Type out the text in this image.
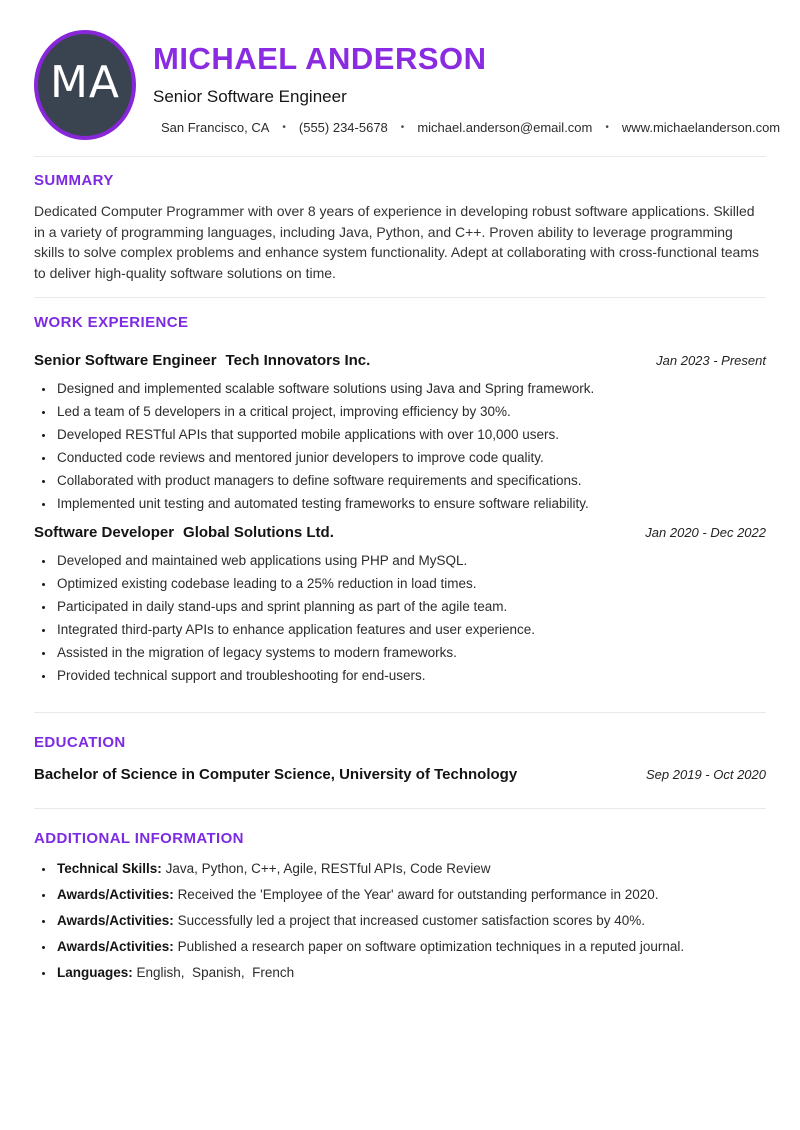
MA MICHAEL ANDERSON
Senior Software Engineer
San Francisco, CA • (555) 234-5678 • michael.anderson@email.com • www.michaelanderson.com
SUMMARY

Dedicated Computer Programmer with over 8 years of experience in developing robust software applications. Skilled in a variety of programming languages, including Java, Python, and C++. Proven ability to leverage programming skills to solve complex problems and enhance system functionality. Adept at collaborating with cross-functional teams to deliver high-quality software solutions on time.

WORK EXPERIENCE
Senior Software Engineer Tech Innovators Inc.	Jan 2023 - Present
• Designed and implemented scalable software solutions using Java and Spring framework.
• Led a team of 5 developers in a critical project, improving efficiency by 30%.
• Developed RESTful APIs that supported mobile applications with over 10,000 users.
• Conducted code reviews and mentored junior developers to improve code quality.
• Collaborated with product managers to define software requirements and specifications.
• Implemented unit testing and automated testing frameworks to ensure software reliability.
Software Developer Global Solutions Ltd.	Jan 2020 - Dec 2022
• Developed and maintained web applications using PHP and MySQL.
• Optimized existing codebase leading to a 25% reduction in load times.
• Participated in daily stand-ups and sprint planning as part of the agile team.
• Integrated third-party APIs to enhance application features and user experience.
• Assisted in the migration of legacy systems to modern frameworks.
• Provided technical support and troubleshooting for end-users.
EDUCATION
Bachelor of Science in Computer Science, University of Technology	Sep 2019 - Oct 2020
ADDITIONAL INFORMATION
• Technical Skills: Java, Python, C++, Agile, RESTful APIs, Code Review
• Awards/Activities: Received the 'Employee of the Year' award for outstanding performance in 2020.
• Awards/Activities: Successfully led a project that increased customer satisfaction scores by 40%.
• Awards/Activities: Published a research paper on software optimization techniques in a reputed journal.
• Languages: English,  Spanish,  French
